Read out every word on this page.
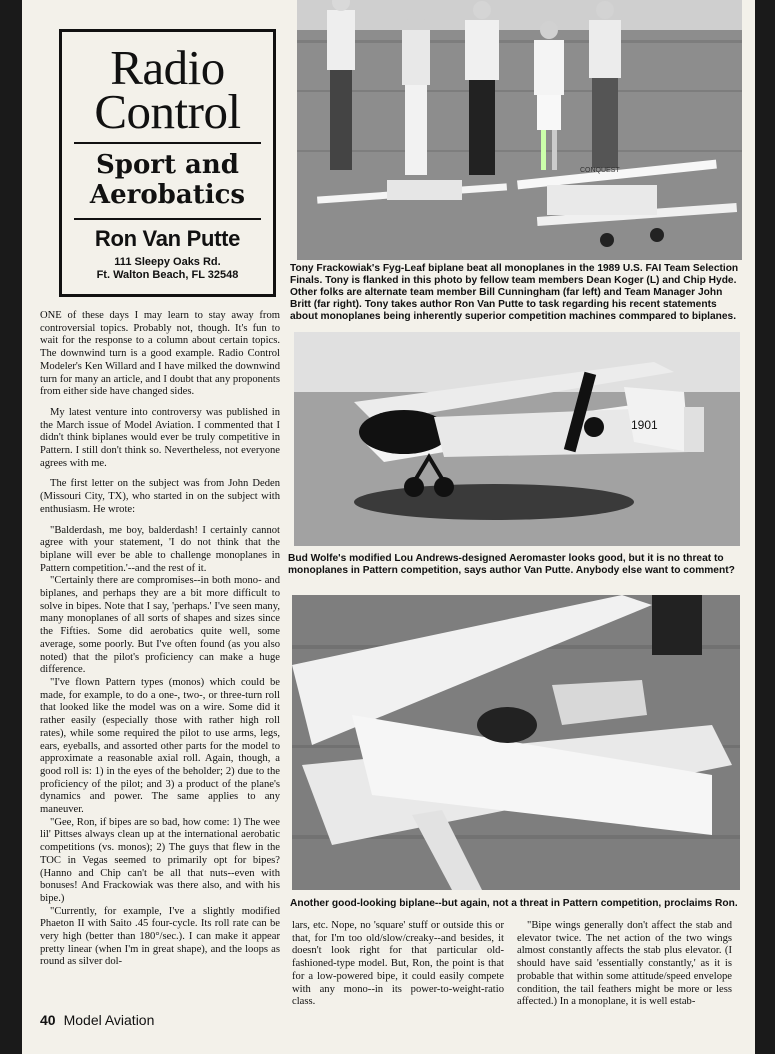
Radio
Control
Sport and
Aerobatics
Ron Van Putte
111 Sleepy Oaks Rd.
Ft. Walton Beach, FL 32548
CONQUEST
Tony Frackowiak's Fyg-Leaf biplane beat all monoplanes in the 1989 U.S. FAI Team Selection Finals. Tony is flanked in this photo by fellow team members Dean Koger (L) and Chip Hyde. Other folks are alternate team member Bill Cunningham (far left) and Team Manager John Britt (far right). Tony takes author Ron Van Putte to task regarding his recent statements about monoplanes being inherently superior competition machines commpared to biplanes.
1901
Bud Wolfe's modified Lou Andrews-designed Aeromaster looks good, but it is no threat to monoplanes in Pattern competition, says author Van Putte. Anybody else want to comment?
Another good-looking biplane--but again, not a threat in Pattern competition, proclaims Ron.

ONE of these days I may learn to stay away from controversial topics. Probably not, though. It's fun to wait for the response to a column about certain topics. The downwind turn is a good example. Radio Control Modeler's Ken Willard and I have milked the downwind turn for many an article, and I doubt that any proponents from either side have changed sides.

My latest venture into controversy was published in the March issue of Model Aviation. I commented that I didn't think biplanes would ever be truly competitive in Pattern. I still don't think so. Nevertheless, not everyone agrees with me.

The first letter on the subject was from John Deden (Missouri City, TX), who started in on the subject with enthusiasm. He wrote:

"Balderdash, me boy, balderdash! I certainly cannot agree with your statement, 'I do not think that the biplane will ever be able to challenge monoplanes in Pattern competition.'--and the rest of it.

"Certainly there are compromises--in both mono- and biplanes, and perhaps they are a bit more difficult to solve in bipes. Note that I say, 'perhaps.' I've seen many, many monoplanes of all sorts of shapes and sizes since the Fifties. Some did aerobatics quite well, some average, some poorly. But I've often found (as you also noted) that the pilot's proficiency can make a huge difference.

"I've flown Pattern types (monos) which could be made, for example, to do a one-, two-, or three-turn roll that looked like the model was on a wire. Some did it rather easily (especially those with rather high roll rates), while some required the pilot to use arms, legs, ears, eyeballs, and assorted other parts for the model to approximate a reasonable axial roll. Again, though, a good roll is: 1) in the eyes of the beholder; 2) due to the proficiency of the pilot; and 3) a product of the plane's dynamics and power. The same applies to any maneuver.

"Gee, Ron, if bipes are so bad, how come: 1) The wee lil' Pittses always clean up at the international aerobatic competitions (vs. monos); 2) The guys that flew in the TOC in Vegas seemed to primarily opt for bipes? (Hanno and Chip can't be all that nuts--even with bonuses! And Frackowiak was there also, and with his bipe.)

"Currently, for example, I've a slightly modified Phaeton II with Saito .45 four-cycle. Its roll rate can be very high (better than 180°/sec.). I can make it appear pretty linear (when I'm in great shape), and the loops as round as silver dol-

lars, etc. Nope, no 'square' stuff or outside this or that, for I'm too old/slow/creaky--and besides, it doesn't look right for that particular old-fashioned-type model. But, Ron, the point is that for a low-powered bipe, it could easily compete with any mono--in its power-to-weight-ratio class.

"Bipe wings generally don't affect the stab and elevator twice. The net action of the two wings almost constantly affects the stab plus elevator. (I should have said 'essentially constantly,' as it is probable that within some attitude/speed envelope condition, the tail feathers might be more or less affected.) In a monoplane, it is well estab-

40 Model Aviation
